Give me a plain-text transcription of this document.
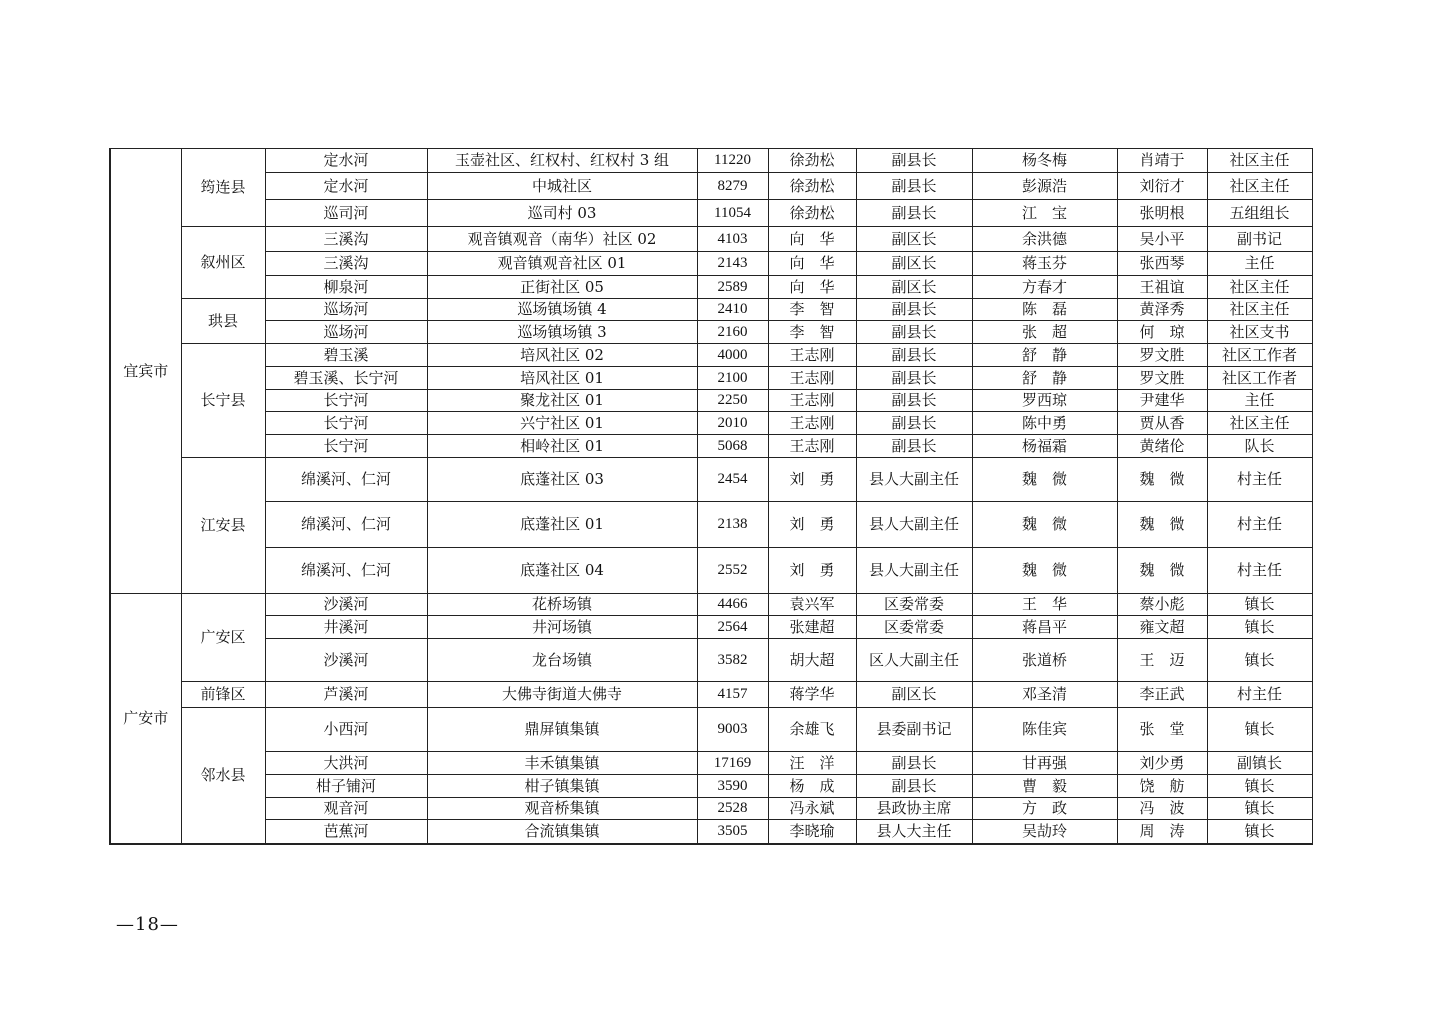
宜宾市	筠连县	定水河	玉壶社区、红权村、红权村 3 组	11220	徐劲松	副县长	杨冬梅	肖靖于	社区主任
		定水河	中城社区	8279	徐劲松	副县长	彭源浩	刘衍才	社区主任
		巡司河	巡司村 03	11054	徐劲松	副县长	江　宝	张明根	五组组长
	叙州区	三溪沟	观音镇观音（南华）社区 02	4103	向　华	副区长	余洪德	吴小平	副书记
		三溪沟	观音镇观音社区 01	2143	向　华	副区长	蒋玉芬	张西琴	主任
		柳泉河	正街社区 05	2589	向　华	副区长	方春才	王祖谊	社区主任
	珙县	巡场河	巡场镇场镇 4	2410	李　智	副县长	陈　磊	黄泽秀	社区主任
		巡场河	巡场镇场镇 3	2160	李　智	副县长	张　超	何　琼	社区支书
	长宁县	碧玉溪	培风社区 02	4000	王志刚	副县长	舒　静	罗文胜	社区工作者
		碧玉溪、长宁河	培风社区 01	2100	王志刚	副县长	舒　静	罗文胜	社区工作者
		长宁河	聚龙社区 01	2250	王志刚	副县长	罗西琼	尹建华	主任
		长宁河	兴宁社区 01	2010	王志刚	副县长	陈中勇	贾从香	社区主任
		长宁河	相岭社区 01	5068	王志刚	副县长	杨福霜	黄绪伦	队长
	江安县	绵溪河、仁河	底蓬社区 03	2454	刘　勇	县人大副主任	魏　微	魏　微	村主任
		绵溪河、仁河	底蓬社区 01	2138	刘　勇	县人大副主任	魏　微	魏　微	村主任
		绵溪河、仁河	底蓬社区 04	2552	刘　勇	县人大副主任	魏　微	魏　微	村主任
广安市	广安区	沙溪河	花桥场镇	4466	袁兴军	区委常委	王　华	蔡小彪	镇长
		井溪河	井河场镇	2564	张建超	区委常委	蒋昌平	雍文超	镇长
		沙溪河	龙台场镇	3582	胡大超	区人大副主任	张道桥	王　迈	镇长
	前锋区	芦溪河	大佛寺街道大佛寺	4157	蒋学华	副区长	邓圣清	李正武	村主任
	邻水县	小西河	鼎屏镇集镇	9003	余雄飞	县委副书记	陈佳宾	张　堂	镇长
		大洪河	丰禾镇集镇	17169	汪　洋	副县长	甘再强	刘少勇	副镇长
		柑子铺河	柑子镇集镇	3590	杨　成	副县长	曹　毅	饶　舫	镇长
		观音河	观音桥集镇	2528	冯永斌	县政协主席	方　政	冯　波	镇长
		芭蕉河	合流镇集镇	3505	李晓瑜	县人大主任	吴劼玲	周　涛	镇长
—18—
